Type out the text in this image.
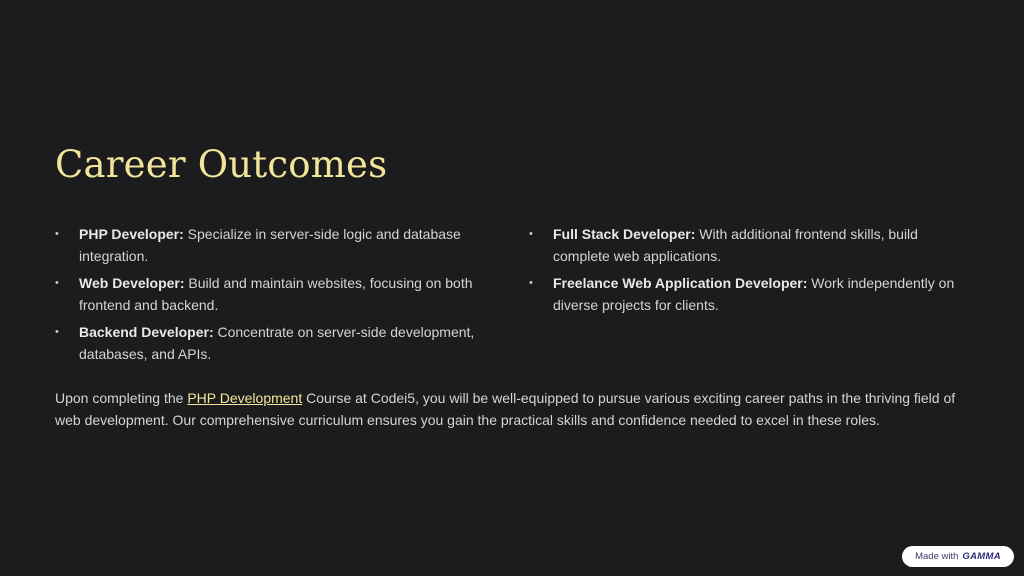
Career Outcomes
• PHP Developer: Specialize in server-side logic and database integration.
• Web Developer: Build and maintain websites, focusing on both frontend and backend.
• Backend Developer: Concentrate on server-side development, databases, and APIs.
• Full Stack Developer: With additional frontend skills, build complete web applications.
• Freelance Web Application Developer: Work independently on diverse projects for clients.

Upon completing the PHP Development Course at Codei5, you will be well-equipped to pursue various exciting career paths in the thriving field of web development. Our comprehensive curriculum ensures you gain the practical skills and confidence needed to excel in these roles.

Made with GAMMA
